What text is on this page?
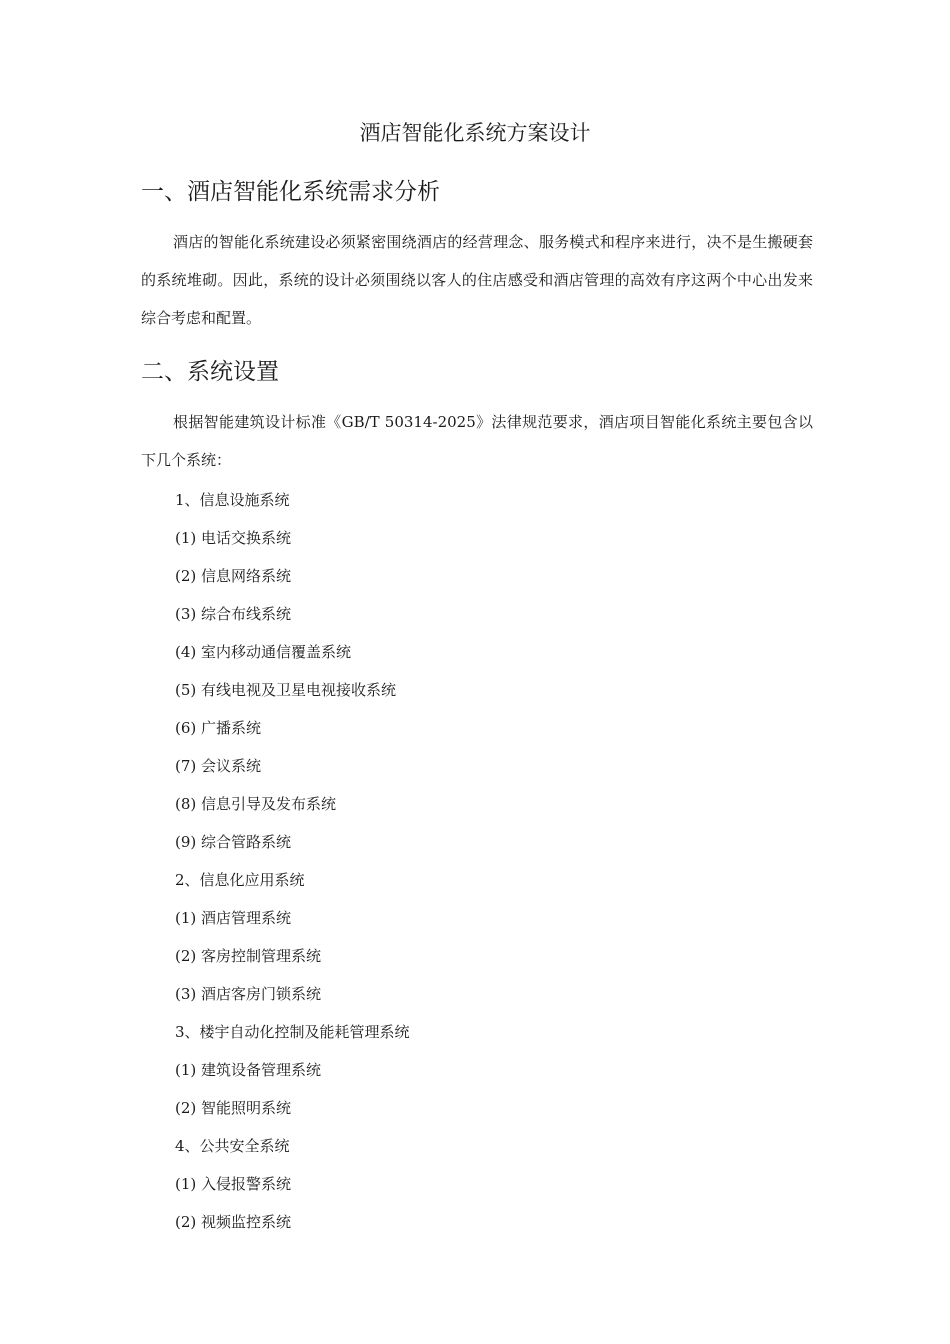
酒店智能化系统方案设计
一、酒店智能化系统需求分析

酒店的智能化系统建设必须紧密围绕酒店的经营理念、服务模式和程序来进行，决不是生搬硬套的系统堆砌。因此，系统的设计必须围绕以客人的住店感受和酒店管理的高效有序这两个中心出发来综合考虑和配置。

二、系统设置

根据智能建筑设计标准《GB/T 50314-2025》法律规范要求，酒店项目智能化系统主要包含以下几个系统：

1、信息设施系统

(1) 电话交换系统

(2) 信息网络系统

(3) 综合布线系统

(4) 室内移动通信覆盖系统

(5) 有线电视及卫星电视接收系统

(6) 广播系统

(7) 会议系统

(8) 信息引导及发布系统

(9) 综合管路系统

2、信息化应用系统

(1) 酒店管理系统

(2) 客房控制管理系统

(3) 酒店客房门锁系统

3、楼宇自动化控制及能耗管理系统

(1) 建筑设备管理系统

(2) 智能照明系统

4、公共安全系统

(1) 入侵报警系统

(2) 视频监控系统
